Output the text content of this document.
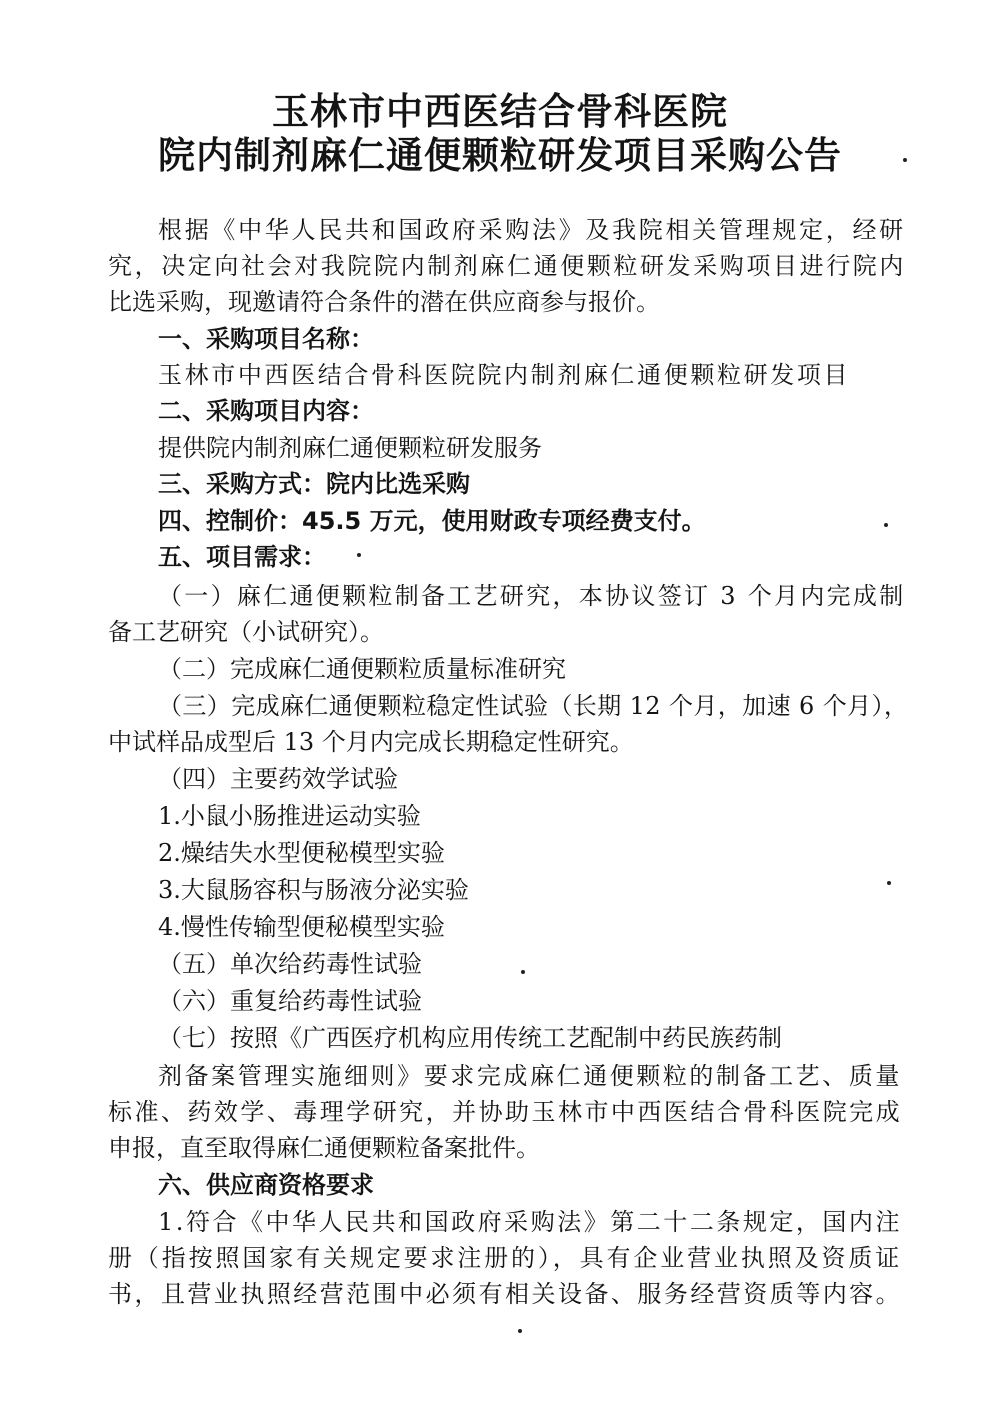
玉林市中西医结合骨科医院
院内制剂麻仁通便颗粒研发项目采购公告
根据《中华人民共和国政府采购法》及我院相关管理规定，经研
究，决定向社会对我院院内制剂麻仁通便颗粒研发采购项目进行院内
比选采购，现邀请符合条件的潜在供应商参与报价。
一、采购项目名称：
玉林市中西医结合骨科医院院内制剂麻仁通便颗粒研发项目
二、采购项目内容：
提供院内制剂麻仁通便颗粒研发服务
三、采购方式：院内比选采购
四、控制价：45.5 万元，使用财政专项经费支付。
五、项目需求：
（一）麻仁通便颗粒制备工艺研究，本协议签订 3 个月内完成制
备工艺研究（小试研究）。
（二）完成麻仁通便颗粒质量标准研究
（三）完成麻仁通便颗粒稳定性试验（长期 12 个月，加速 6 个月），
中试样品成型后 13 个月内完成长期稳定性研究。
（四）主要药效学试验
1.小鼠小肠推进运动实验
2.燥结失水型便秘模型实验
3.大鼠肠容积与肠液分泌实验
4.慢性传输型便秘模型实验
（五）单次给药毒性试验
（六）重复给药毒性试验
（七）按照《广西医疗机构应用传统工艺配制中药民族药制
剂备案管理实施细则》要求完成麻仁通便颗粒的制备工艺、质量
标准、药效学、毒理学研究，并协助玉林市中西医结合骨科医院完成
申报，直至取得麻仁通便颗粒备案批件。
六、供应商资格要求
1.符合《中华人民共和国政府采购法》第二十二条规定，国内注
册（指按照国家有关规定要求注册的），具有企业营业执照及资质证
书，且营业执照经营范围中必须有相关设备、服务经营资质等内容。
